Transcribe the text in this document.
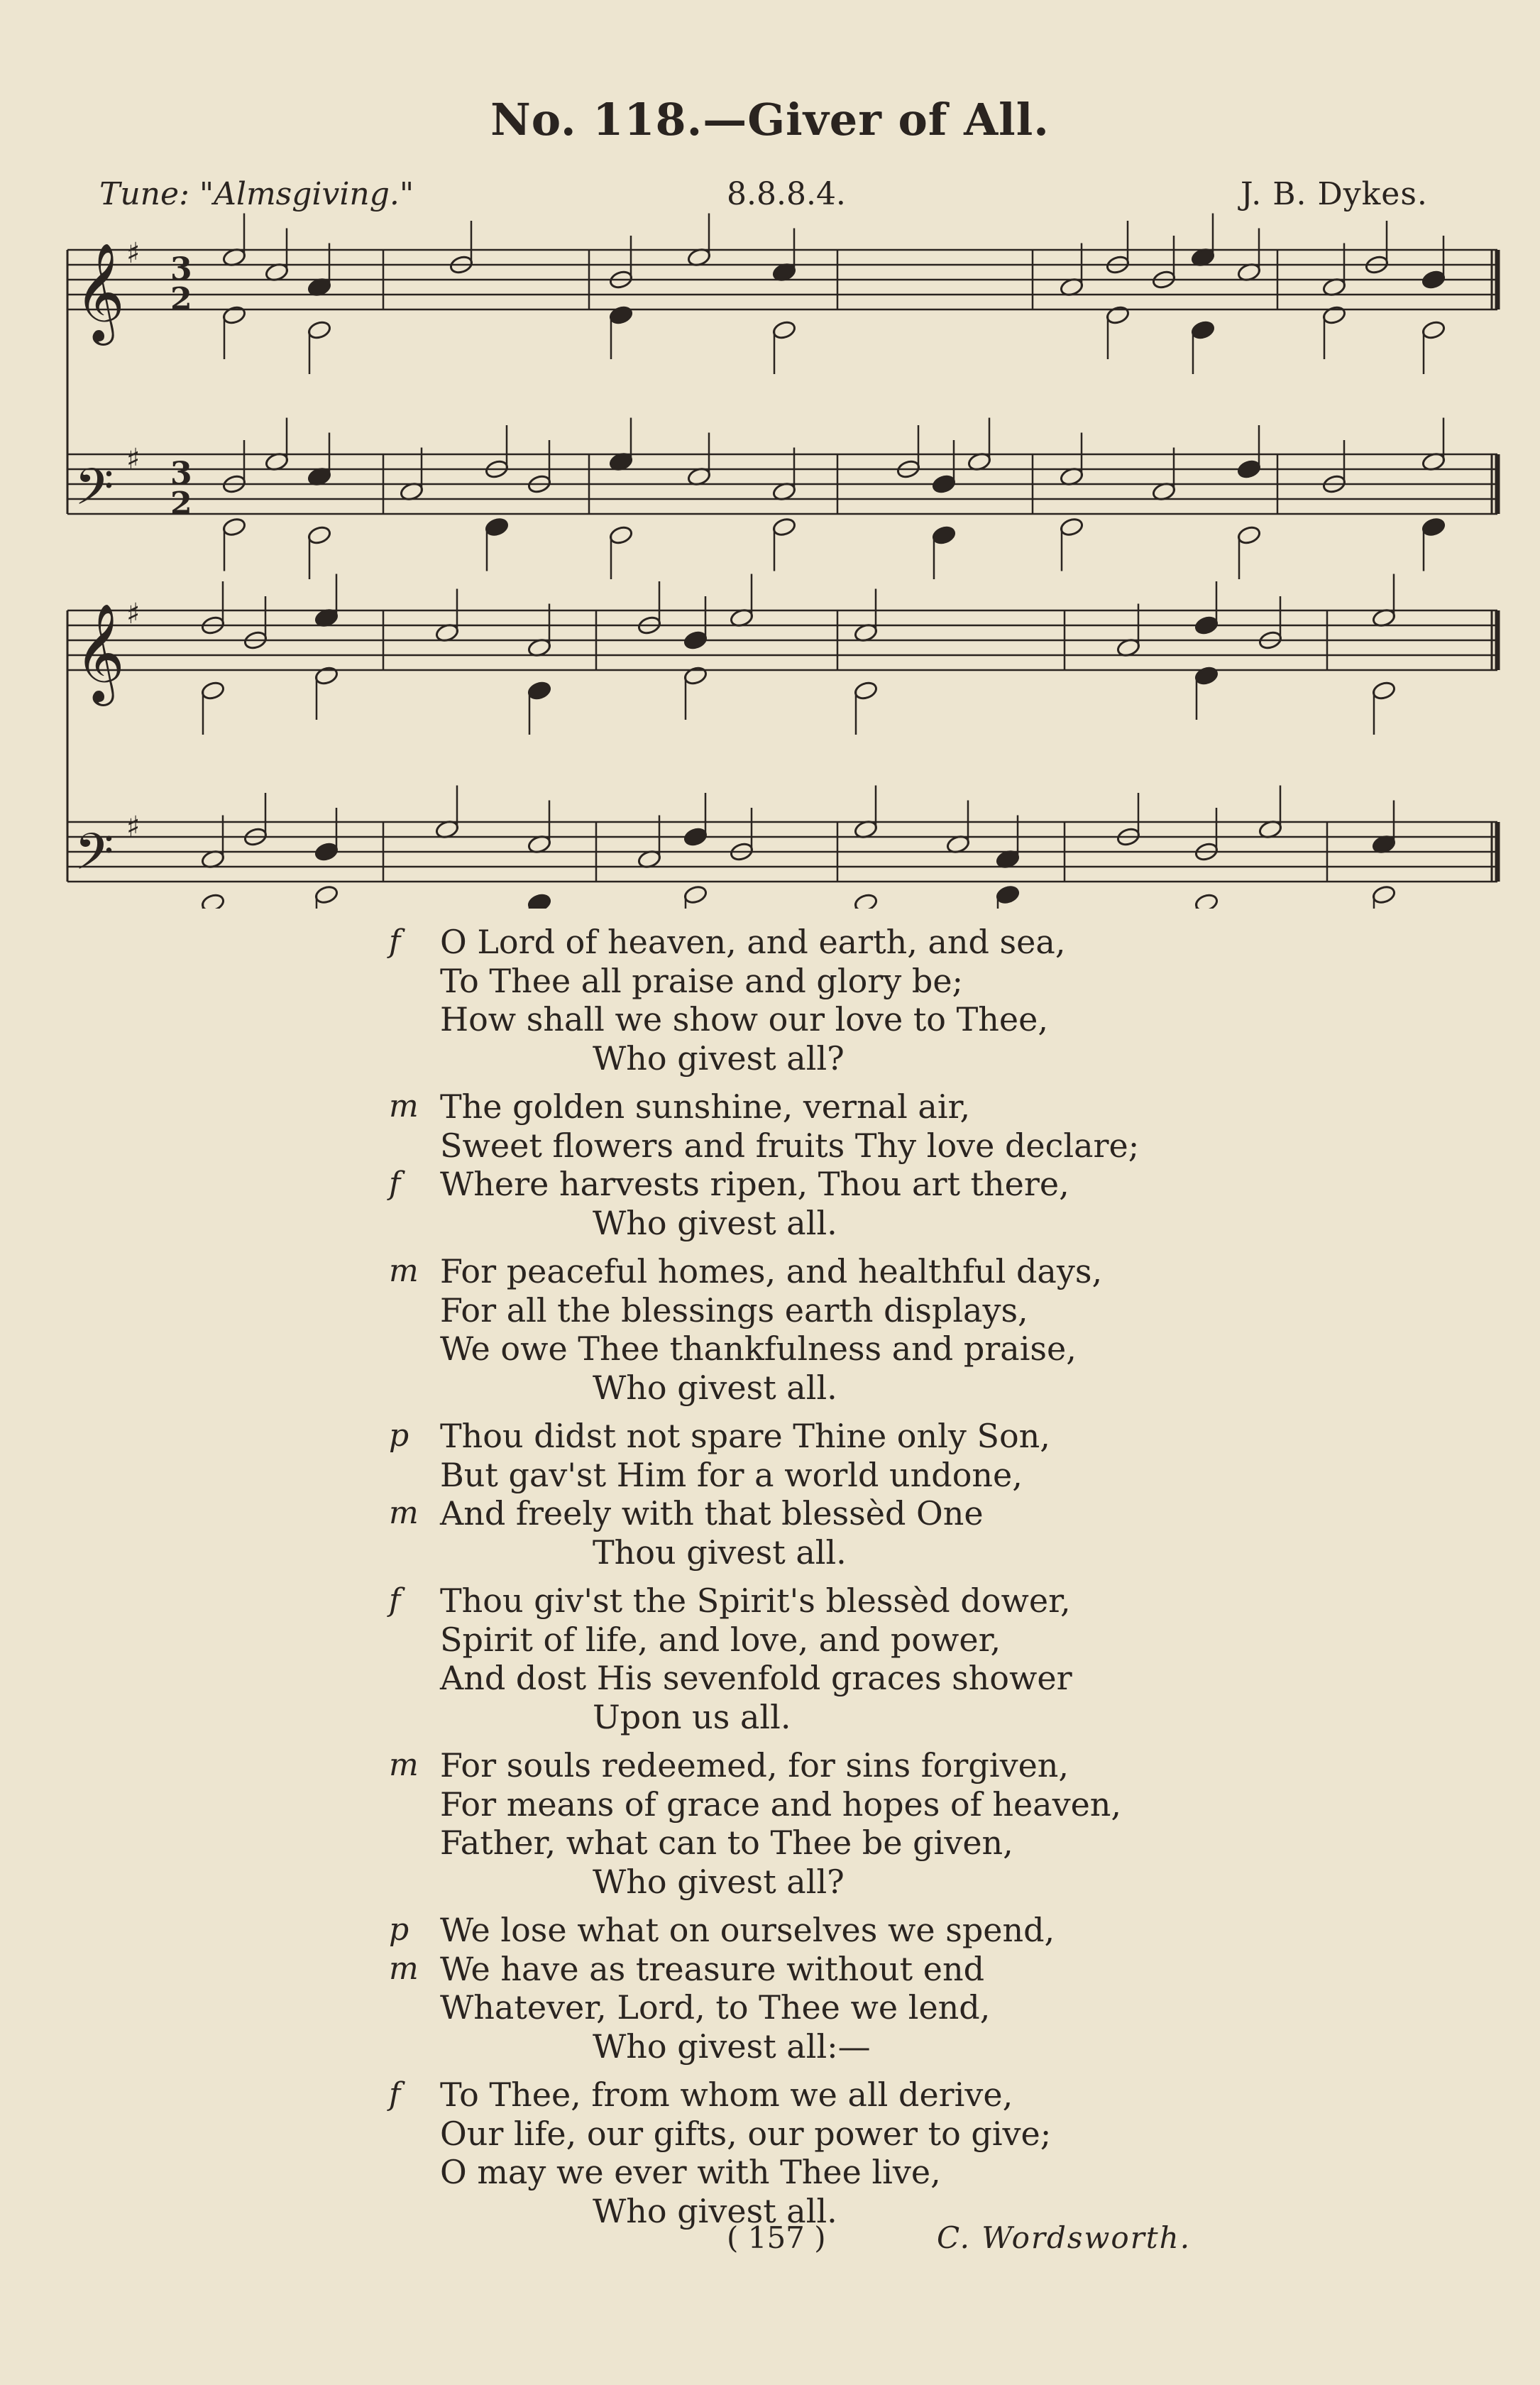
No. 118.—Giver of All.
Tune: "Almsgiving."	8.8.8.4.	J. B. Dykes.
𝄞
𝄢
𝄞
𝄢
♯
♯
♯
♯
3
2
3
2
f O Lord of heaven, and earth, and sea,
To Thee all praise and glory be;
How shall we show our love to Thee,
Who givest all?
m The golden sunshine, vernal air,
Sweet flowers and fruits Thy love declare;
f Where harvests ripen, Thou art there,
Who givest all.
m For peaceful homes, and healthful days,
For all the blessings earth displays,
We owe Thee thankfulness and praise,
Who givest all.
p Thou didst not spare Thine only Son,
But gav'st Him for a world undone,
m And freely with that blessèd One
Thou givest all.
f Thou giv'st the Spirit's blessèd dower,
Spirit of life, and love, and power,
And dost His sevenfold graces shower
Upon us all.
m For souls redeemed, for sins forgiven,
For means of grace and hopes of heaven,
Father, what can to Thee be given,
Who givest all?
p We lose what on ourselves we spend,
m We have as treasure without end
Whatever, Lord, to Thee we lend,
Who givest all:—
f To Thee, from whom we all derive,
Our life, our gifts, our power to give;
O may we ever with Thee live,
Who givest all.
( 157 )	C. Wordsworth.
